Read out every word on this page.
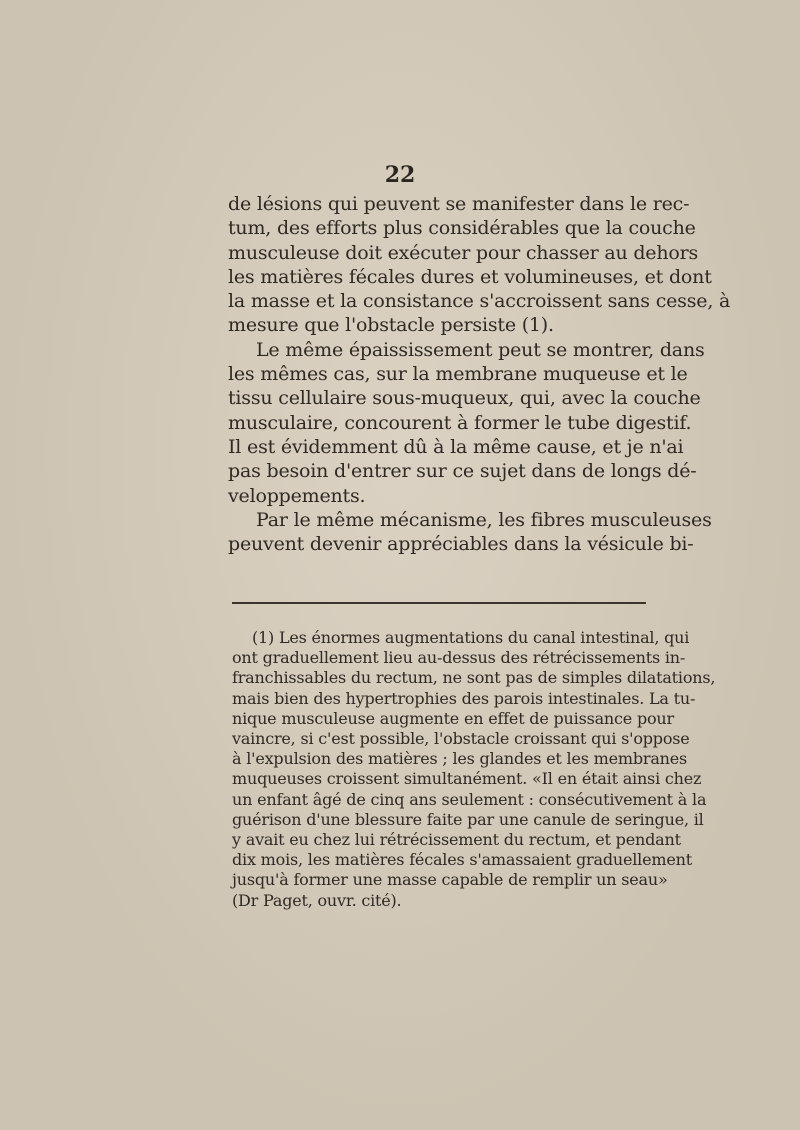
22
de lésions qui peuvent se manifester dans le rec-
tum, des efforts plus considérables que la couche
musculeuse doit exécuter pour chasser au dehors
les matières fécales dures et volumineuses, et dont
la masse et la consistance s'accroissent sans cesse, à
mesure que l'obstacle persiste (1).
Le même épaississement peut se montrer, dans
les mêmes cas, sur la membrane muqueuse et le
tissu cellulaire sous-muqueux, qui, avec la couche
musculaire, concourent à former le tube digestif.
Il est évidemment dû à la même cause, et je n'ai
pas besoin d'entrer sur ce sujet dans de longs dé-
veloppements.
Par le même mécanisme, les fibres musculeuses
peuvent devenir appréciables dans la vésicule bi-
(1) Les énormes augmentations du canal intestinal, qui
ont graduellement lieu au-dessus des rétrécissements in-
franchissables du rectum, ne sont pas de simples dilatations,
mais bien des hypertrophies des parois intestinales. La tu-
nique musculeuse augmente en effet de puissance pour
vaincre, si c'est possible, l'obstacle croissant qui s'oppose
à l'expulsion des matières ; les glandes et les membranes
muqueuses croissent simultanément. «Il en était ainsi chez
un enfant âgé de cinq ans seulement : consécutivement à la
guérison d'une blessure faite par une canule de seringue, il
y avait eu chez lui rétrécissement du rectum, et pendant
dix mois, les matières fécales s'amassaient graduellement
jusqu'à former une masse capable de remplir un seau»
(Dr Paget, ouvr. cité).
